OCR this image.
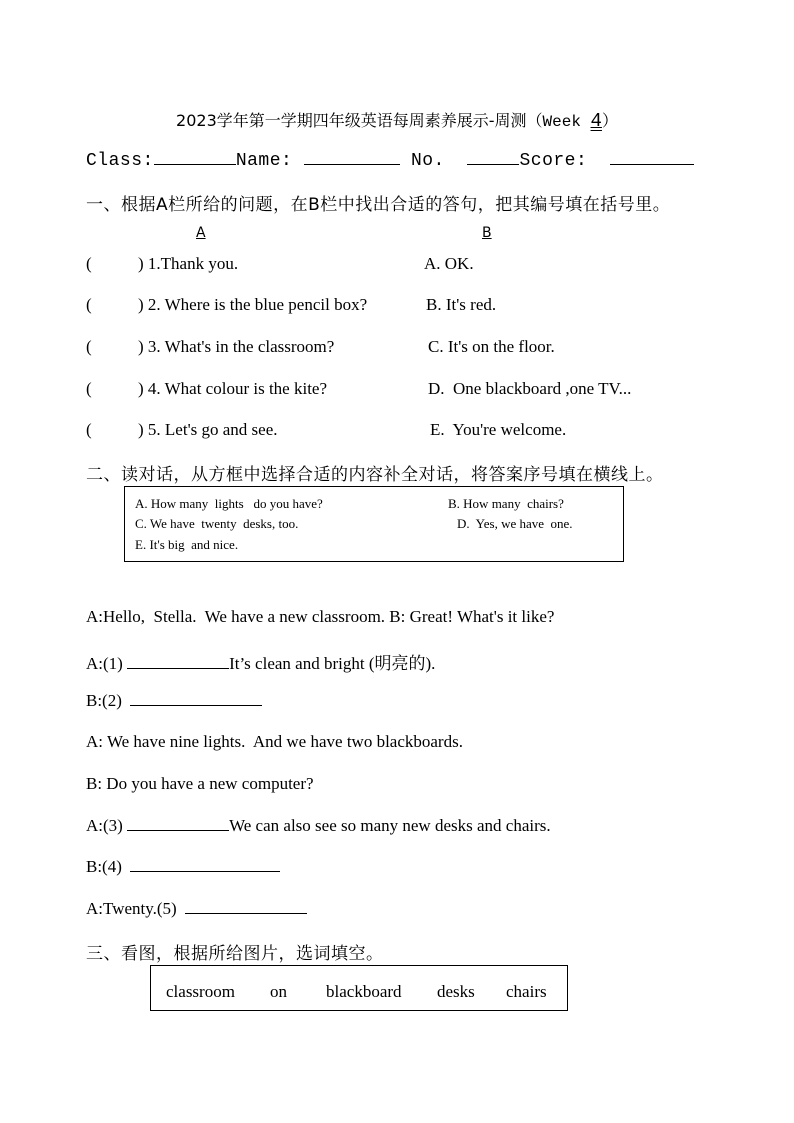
2023学年第一学期四年级英语每周素养展示-周测（Week 4）
Class:	Name:	No.	Score:
一、根据A栏所给的问题，在B栏中找出合适的答句，把其编号填在括号里。
A	B
(	) 1.Thank you.	A. OK.
(	) 2. Where is the blue pencil box?	B. It's red.
(	) 3. What's in the classroom?	C. It's on the floor.
(	) 4. What colour is the kite?	D.  One blackboard ,one TV...
(	) 5. Let's go and see.	E.  You're welcome.
二、读对话，从方框中选择合适的内容补全对话，将答案序号填在横线上。
A. How many  lights   do you have?	B. How many  chairs?
C. We have  twenty  desks, too.	D.  Yes, we have  one.
E. It's big  and nice.
A:Hello,  Stella.  We have a new classroom. B: Great! What's it like?
A:(1)	It’s clean and bright (明亮的).
B:(2)
A: We have nine lights.  And we have two blackboards.
B: Do you have a new computer?
A:(3)	We can also see so many new desks and chairs.
B:(4)
A:Twenty.(5)
三、看图，根据所给图片，选词填空。
classroom on blackboard desks chairs
